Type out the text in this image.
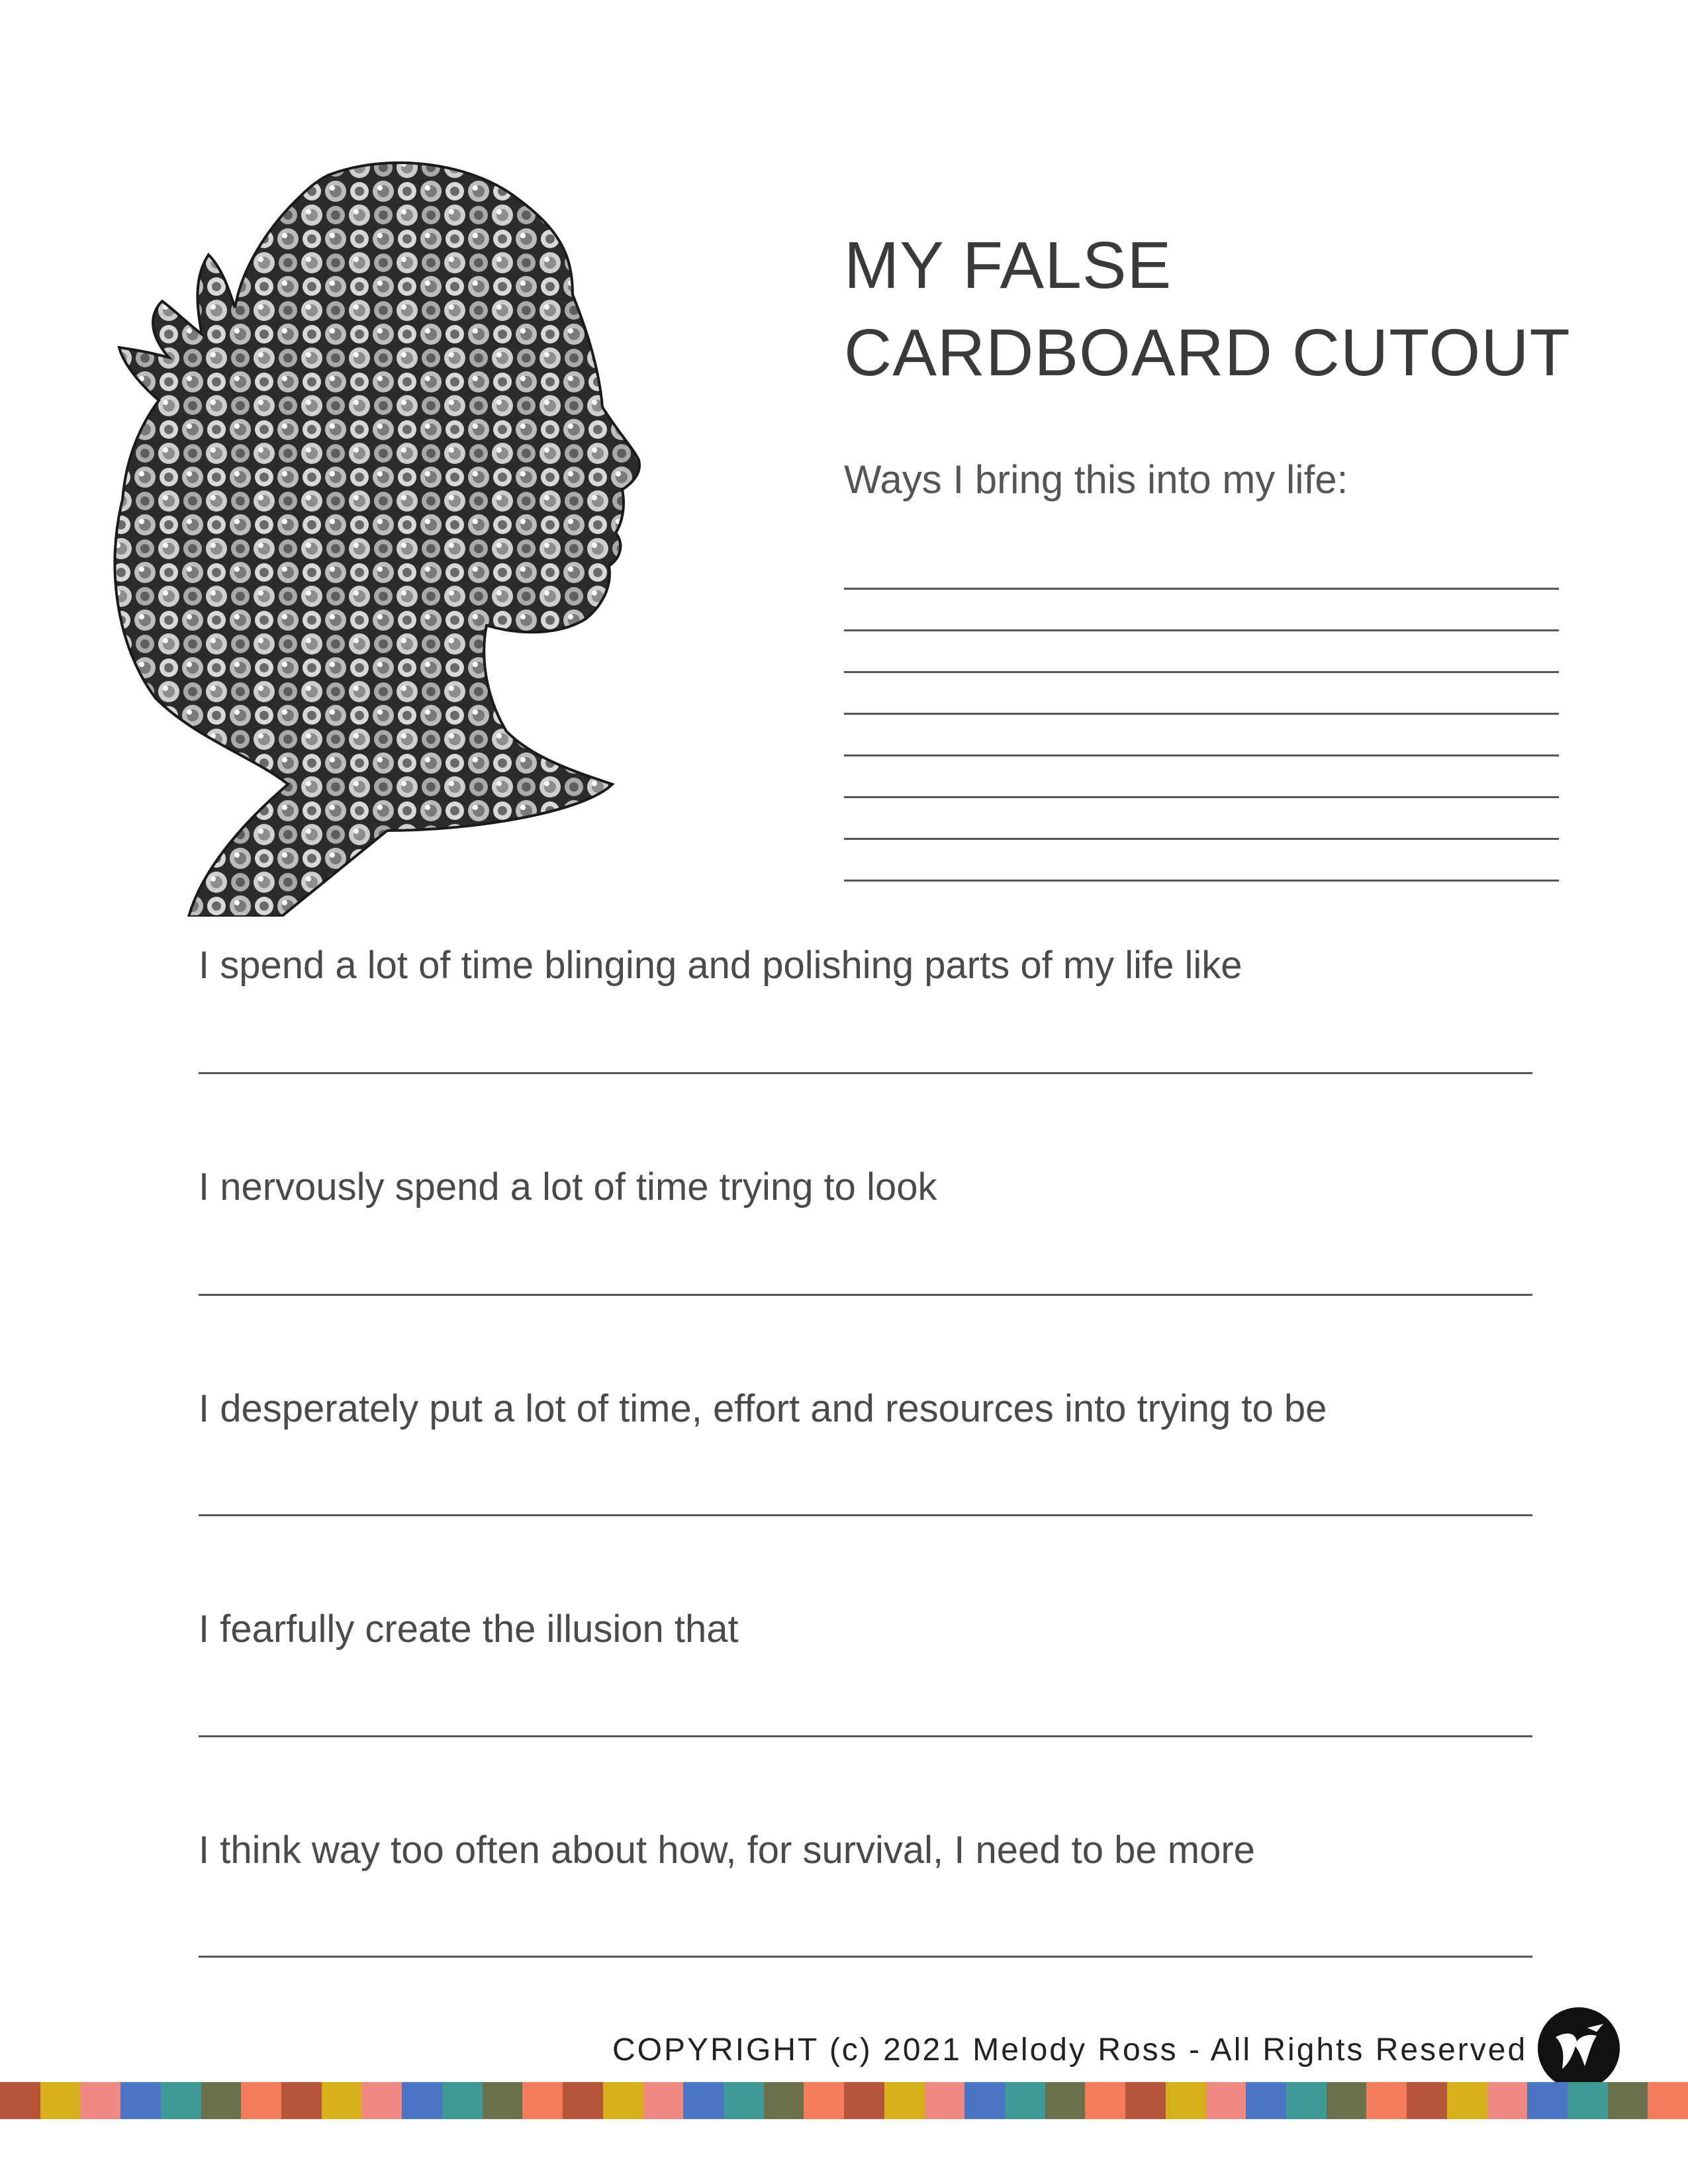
MY FALSE
CARDBOARD CUTOUT
Ways I bring this into my life:
I spend a lot of time blinging and polishing parts of my life like
I nervously spend a lot of time trying to look
I desperately put a lot of time, effort and resources into trying to be
I fearfully create the illusion that
I think way too often about how, for survival, I need to be more
COPYRIGHT (c) 2021 Melody Ross - All Rights Reserved
